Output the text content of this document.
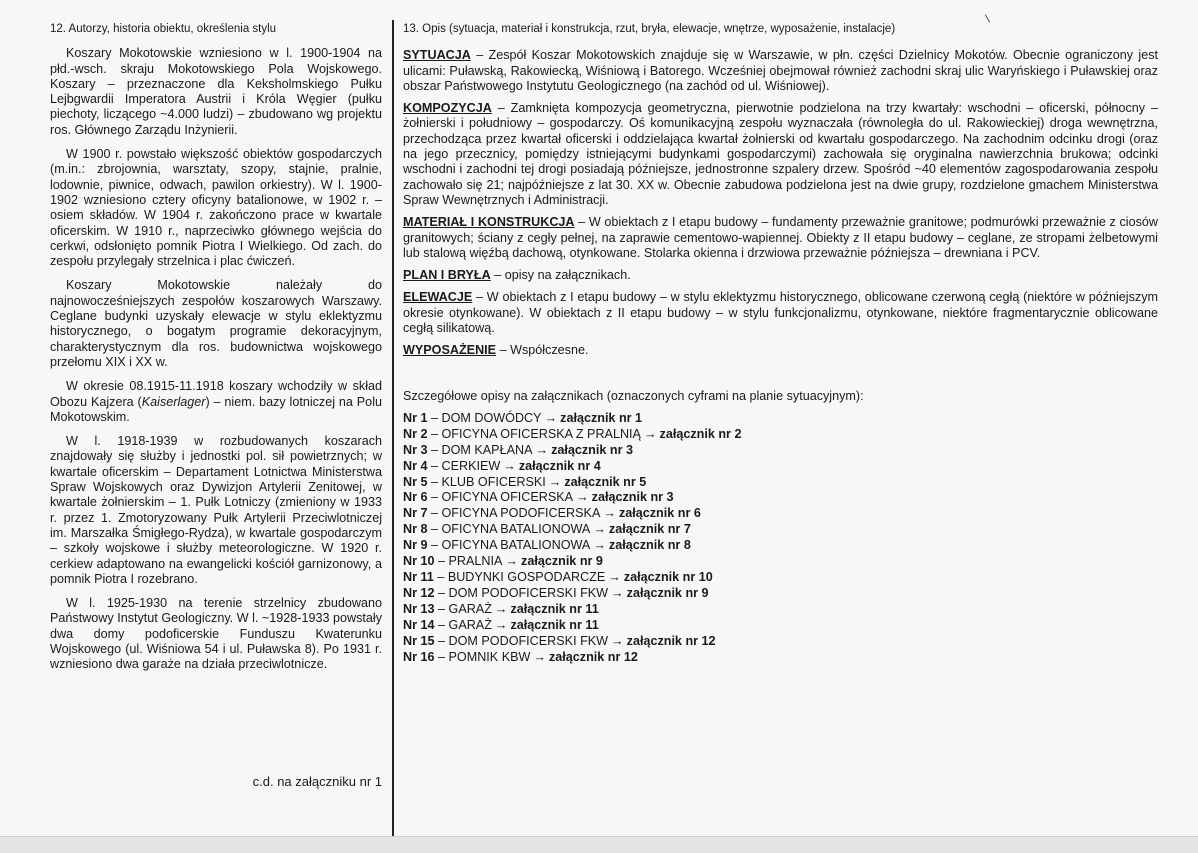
12. Autorzy, historia obiektu, określenia stylu

Koszary Mokotowskie wzniesiono w l. 1900-1904 na płd.-wsch. skraju Mokotowskiego Pola Wojskowego. Koszary – przeznaczone dla Keksholmskiego Pułku Lejbgwardii Imperatora Austrii i Króla Węgier (pułku piechoty, liczącego ~4.000 ludzi) – zbudowano wg projektu ros. Głównego Zarządu Inżynierii.

W 1900 r. powstało większość obiektów gospodarczych (m.in.: zbrojownia, warsztaty, szopy, stajnie, pralnie, lodownie, piwnice, odwach, pawilon orkiestry). W l. 1900-1902 wzniesiono cztery oficyny batalionowe, w 1902 r. – osiem składów. W 1904 r. zakończono prace w kwartale oficerskim. W 1910 r., naprzeciwko głównego wejścia do cerkwi, odsłonięto pomnik Piotra I Wielkiego. Od zach. do zespołu przylegały strzelnica i plac ćwiczeń.

Koszary Mokotowskie należały do najnowocześniejszych zespołów koszarowych Warszawy. Ceglane budynki uzyskały elewacje w stylu eklektyzmu historycznego, o bogatym programie dekoracyjnym, charakterystycznym dla ros. budownictwa wojskowego przełomu XIX i XX w.

W okresie 08.1915-11.1918 koszary wchodziły w skład Obozu Kajzera (Kaiserlager) – niem. bazy lotniczej na Polu Mokotowskim.

W l. 1918-1939 w rozbudowanych koszarach znajdowały się służby i jednostki pol. sił powietrznych; w kwartale oficerskim – Departament Lotnictwa Ministerstwa Spraw Wojskowych oraz Dywizjon Artylerii Zenitowej, w kwartale żołnierskim – 1. Pułk Lotniczy (zmieniony w 1933 r. przez 1. Zmotoryzowany Pułk Artylerii Przeciwlotniczej im. Marszałka Śmigłego-Rydza), w kwartale gospodarczym – szkoły wojskowe i służby meteorologiczne. W 1920 r. cerkiew adaptowano na ewangelicki kościół garnizonowy, a pomnik Piotra I rozebrano.

W l. 1925-1930 na terenie strzelnicy zbudowano Państwowy Instytut Geologiczny. W l. ~1928-1933 powstały dwa domy podoficerskie Funduszu Kwaterunku Wojskowego (ul. Wiśniowa 54 i ul. Puławska 8). Po 1931 r. wzniesiono dwa garaże na działa przeciwlotnicze.

c.d. na załączniku nr 1
13. Opis (sytuacja, materiał i konstrukcja, rzut, bryła, elewacje, wnętrze, wyposażenie, instalacje)

SYTUACJA – Zespół Koszar Mokotowskich znajduje się w Warszawie, w płn. części Dzielnicy Mokotów. Obecnie ograniczony jest ulicami: Puławską, Rakowiecką, Wiśniową i Batorego. Wcześniej obejmował również zachodni skraj ulic Waryńskiego i Puławskiej oraz obszar Państwowego Instytutu Geologicznego (na zachód od ul. Wiśniowej).

KOMPOZYCJA – Zamknięta kompozycja geometryczna, pierwotnie podzielona na trzy kwartały: wschodni – oficerski, północny – żołnierski i południowy – gospodarczy. Oś komunikacyjną zespołu wyznaczała (równoległa do ul. Rakowieckiej) droga wewnętrzna, przechodząca przez kwartał oficerski i oddzielająca kwartał żołnierski od kwartału gospodarczego. Na zachodnim odcinku drogi (oraz na jego przecznicy, pomiędzy istniejącymi budynkami gospodarczymi) zachowała się oryginalna nawierzchnia brukowa; odcinki wschodni i zachodni tej drogi posiadają późniejsze, jednostronne szpalery drzew. Spośród ~40 elementów zagospodarowania zespołu zachowało się 21; najpóźniejsze z lat 30. XX w. Obecnie zabudowa podzielona jest na dwie grupy, rozdzielone gmachem Ministerstwa Spraw Wewnętrznych i Administracji.

MATERIAŁ I KONSTRUKCJA – W obiektach z I etapu budowy – fundamenty przeważnie granitowe; podmurówki przeważnie z ciosów granitowych; ściany z cegły pełnej, na zaprawie cementowo-wapiennej. Obiekty z II etapu budowy – ceglane, ze stropami żelbetowymi lub stalową więźbą dachową, otynkowane. Stolarka okienna i drzwiowa przeważnie późniejsza – drewniana i PCV.

PLAN I BRYŁA – opisy na załącznikach.

ELEWACJE – W obiektach z I etapu budowy – w stylu eklektyzmu historycznego, oblicowane czerwoną cegłą (niektóre w późniejszym okresie otynkowane). W obiektach z II etapu budowy – w stylu funkcjonalizmu, otynkowane, niektóre fragmentarycznie oblicowane cegłą silikatową.

WYPOSAŻENIE – Współczesne.

Szczegółowe opisy na załącznikach (oznaczonych cyframi na planie sytuacyjnym):

Nr 1 – DOM DOWÓDCY → załącznik nr 1
Nr 2 – OFICYNA OFICERSKA Z PRALNIĄ → załącznik nr 2
Nr 3 – DOM KAPŁANA → załącznik nr 3
Nr 4 – CERKIEW → załącznik nr 4
Nr 5 – KLUB OFICERSKI → załącznik nr 5
Nr 6 – OFICYNA OFICERSKA → załącznik nr 3
Nr 7 – OFICYNA PODOFICERSKA → załącznik nr 6
Nr 8 – OFICYNA BATALIONOWA → załącznik nr 7
Nr 9 – OFICYNA BATALIONOWA → załącznik nr 8
Nr 10 – PRALNIA → załącznik nr 9
Nr 11 – BUDYNKI GOSPODARCZE → załącznik nr 10
Nr 12 – DOM PODOFICERSKI FKW → załącznik nr 9
Nr 13 – GARAŻ → załącznik nr 11
Nr 14 – GARAŻ → załącznik nr 11
Nr 15 – DOM PODOFICERSKI FKW → załącznik nr 12
Nr 16 – POMNIK KBW → załącznik nr 12
